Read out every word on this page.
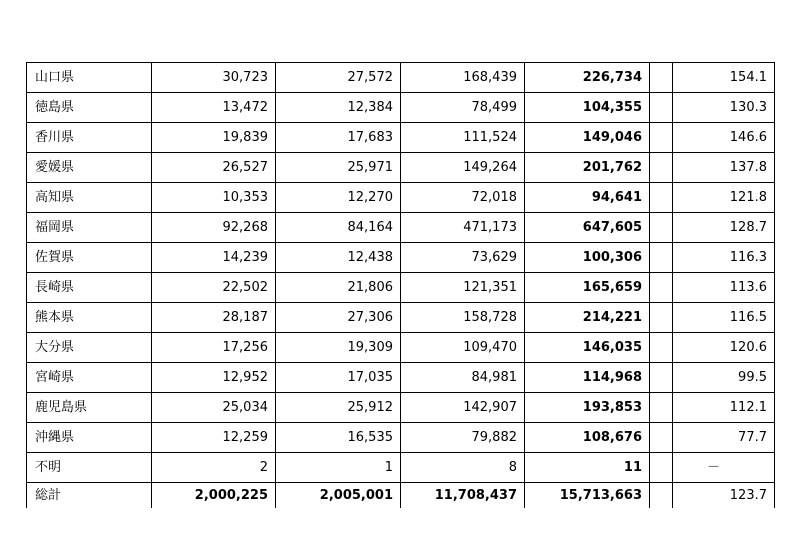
山口県	30,723	27,572	168,439	226,734	154.1
徳島県	13,472	12,384	78,499	104,355	130.3
香川県	19,839	17,683	111,524	149,046	146.6
愛媛県	26,527	25,971	149,264	201,762	137.8
高知県	10,353	12,270	72,018	94,641	121.8
福岡県	92,268	84,164	471,173	647,605	128.7
佐賀県	14,239	12,438	73,629	100,306	116.3
長崎県	22,502	21,806	121,351	165,659	113.6
熊本県	28,187	27,306	158,728	214,221	116.5
大分県	17,256	19,309	109,470	146,035	120.6
宮崎県	12,952	17,035	84,981	114,968	99.5
鹿児島県	25,034	25,912	142,907	193,853	112.1
沖縄県	12,259	16,535	79,882	108,676	77.7
不明	2	1	8	11	－
総計	2,000,225	2,005,001	11,708,437	15,713,663	123.7
